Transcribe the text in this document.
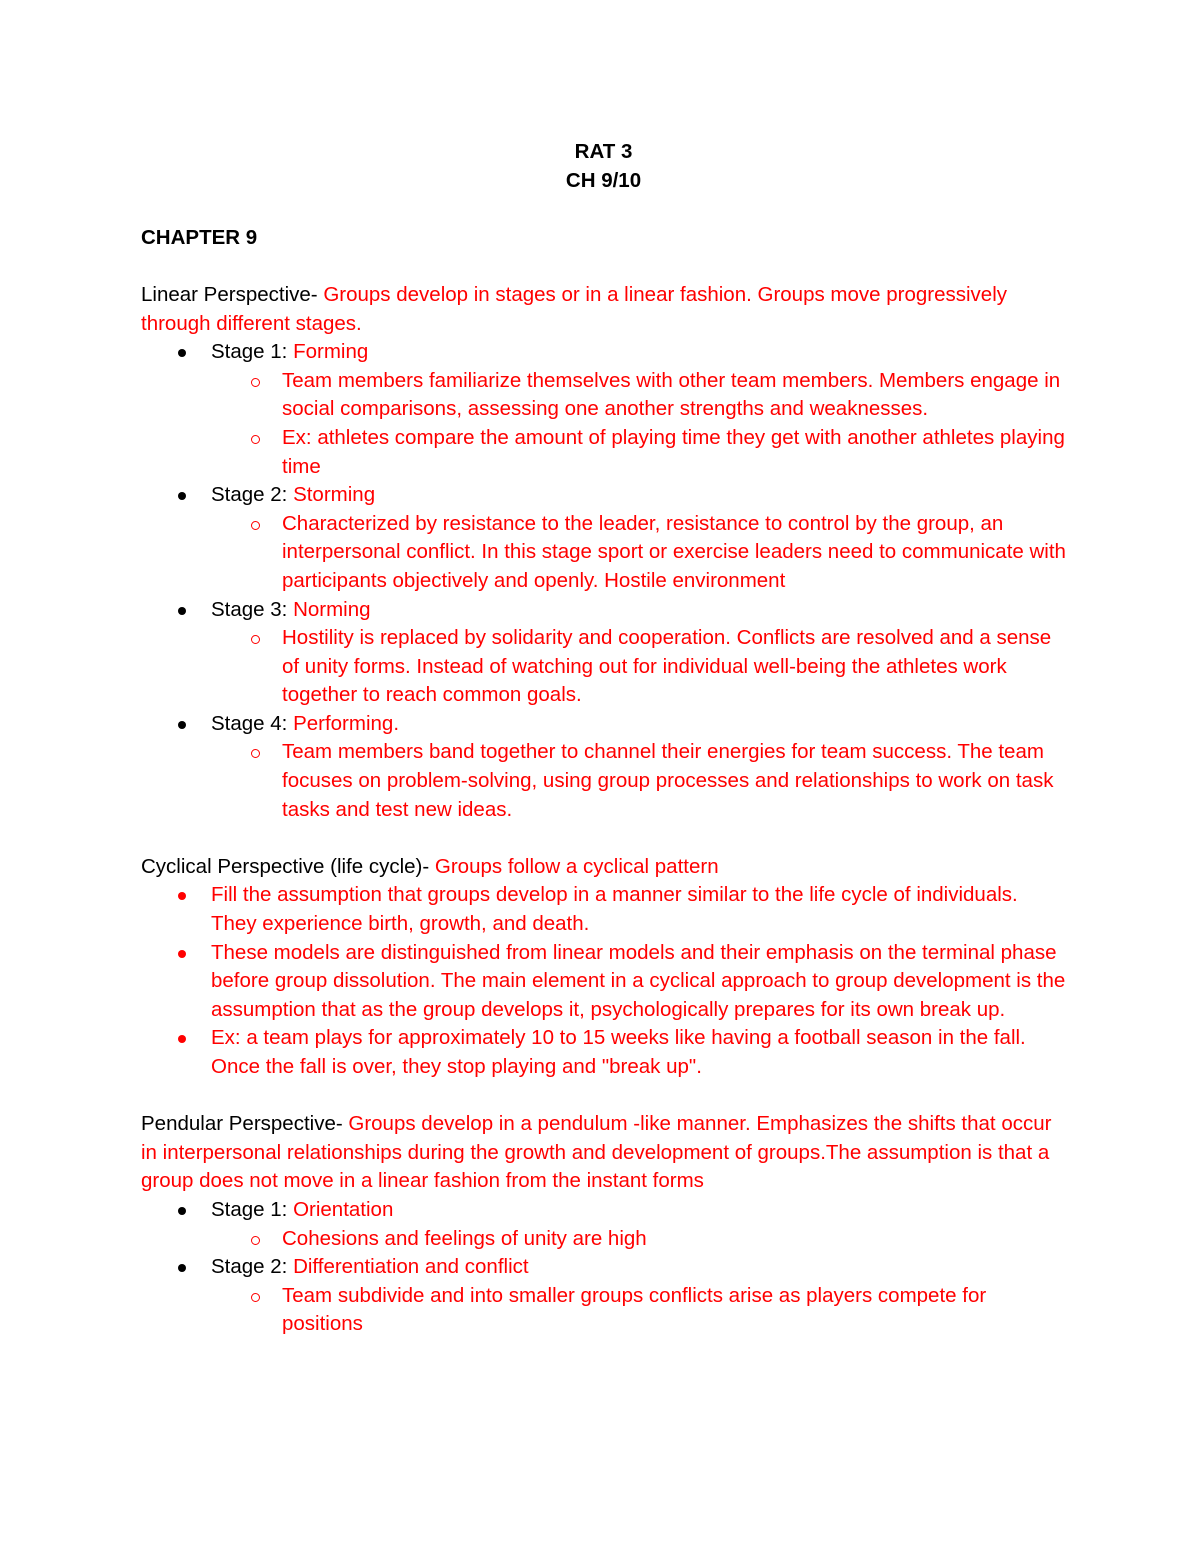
RAT 3
CH 9/10
CHAPTER 9
Linear Perspective- Groups develop in stages or in a linear fashion. Groups move progressively through different stages.
Stage 1: Forming
Team members familiarize themselves with other team members. Members engage in social comparisons, assessing one another strengths and weaknesses.
Ex: athletes compare the amount of playing time they get with another athletes playing time
Stage 2: Storming
Characterized by resistance to the leader, resistance to control by the group, an interpersonal conflict. In this stage sport or exercise leaders need to communicate with participants objectively and openly. Hostile environment
Stage 3: Norming
Hostility is replaced by solidarity and cooperation. Conflicts are resolved and a sense of unity forms. Instead of watching out for individual well-being the athletes work together to reach common goals.
Stage 4: Performing.
Team members band together to channel their energies for team success. The team focuses on problem-solving, using group processes and relationships to work on task tasks and test new ideas.
Cyclical Perspective (life cycle)- Groups follow a cyclical pattern
Fill the assumption that groups develop in a manner similar to the life cycle of individuals. They experience birth, growth, and death.
These models are distinguished from linear models and their emphasis on the terminal phase before group dissolution. The main element in a cyclical approach to group development is the assumption that as the group develops it, psychologically prepares for its own break up.
Ex: a team plays for approximately 10 to 15 weeks like having a football season in the fall. Once the fall is over, they stop playing and "break up".
Pendular Perspective- Groups develop in a pendulum -like manner. Emphasizes the shifts that occur in interpersonal relationships during the growth and development of groups.The assumption is that a group does not move in a linear fashion from the instant forms
Stage 1: Orientation
Cohesions and feelings of unity are high
Stage 2: Differentiation and conflict
Team subdivide and into smaller groups conflicts arise as players compete for positions
